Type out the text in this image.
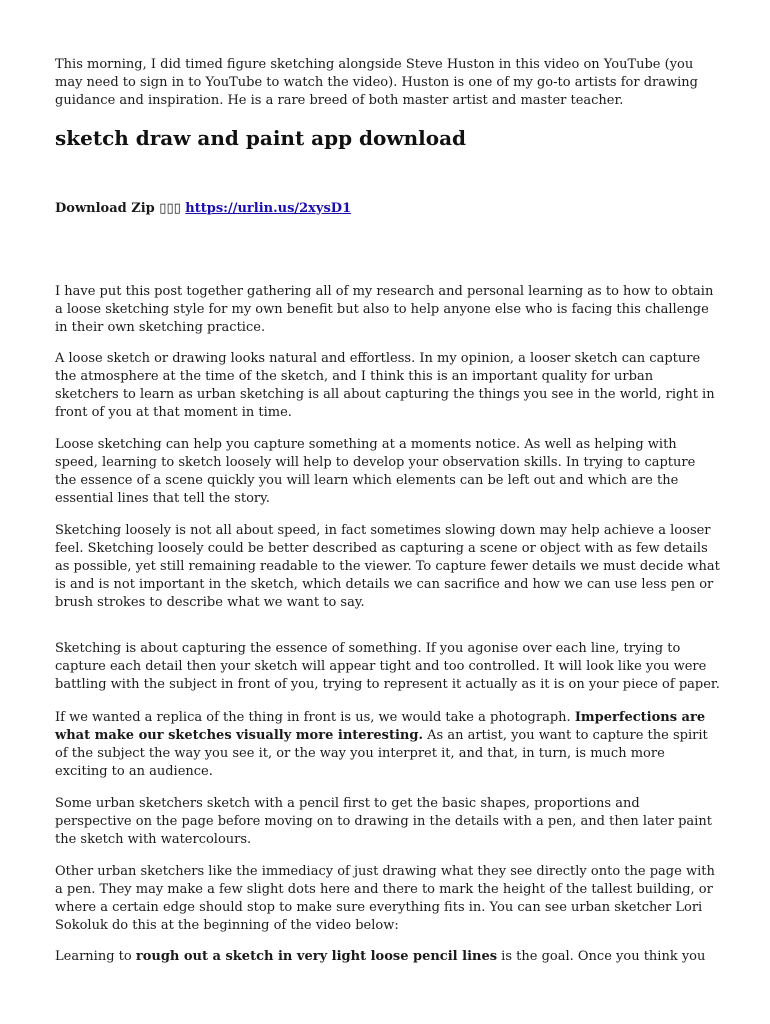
This morning, I did timed figure sketching alongside Steve Huston in this video on YouTube (you may need to sign in to YouTube to watch the video). Huston is one of my go-to artists for drawing guidance and inspiration. He is a rare breed of both master artist and master teacher.

sketch draw and paint app download

Download Zip ▯▯▯ https://urlin.us/2xysD1

I have put this post together gathering all of my research and personal learning as to how to obtain a loose sketching style for my own benefit but also to help anyone else who is facing this challenge in their own sketching practice.

A loose sketch or drawing looks natural and effortless. In my opinion, a looser sketch can capture the atmosphere at the time of the sketch, and I think this is an important quality for urban sketchers to learn as urban sketching is all about capturing the things you see in the world, right in front of you at that moment in time.

Loose sketching can help you capture something at a moments notice. As well as helping with speed, learning to sketch loosely will help to develop your observation skills. In trying to capture the essence of a scene quickly you will learn which elements can be left out and which are the essential lines that tell the story.

Sketching loosely is not all about speed, in fact sometimes slowing down may help achieve a looser feel. Sketching loosely could be better described as capturing a scene or object with as few details as possible, yet still remaining readable to the viewer. To capture fewer details we must decide what is and is not important in the sketch, which details we can sacrifice and how we can use less pen or brush strokes to describe what we want to say.

Sketching is about capturing the essence of something. If you agonise over each line, trying to capture each detail then your sketch will appear tight and too controlled. It will look like you were battling with the subject in front of you, trying to represent it actually as it is on your piece of paper.

If we wanted a replica of the thing in front is us, we would take a photograph. Imperfections are what make our sketches visually more interesting. As an artist, you want to capture the spirit of the subject the way you see it, or the way you interpret it, and that, in turn, is much more exciting to an audience.

Some urban sketchers sketch with a pencil first to get the basic shapes, proportions and perspective on the page before moving on to drawing in the details with a pen, and then later paint the sketch with watercolours.

Other urban sketchers like the immediacy of just drawing what they see directly onto the page with a pen. They may make a few slight dots here and there to mark the height of the tallest building, or where a certain edge should stop to make sure everything fits in. You can see urban sketcher Lori Sokoluk do this at the beginning of the video below:

Learning to rough out a sketch in very light loose pencil lines is the goal. Once you think you
